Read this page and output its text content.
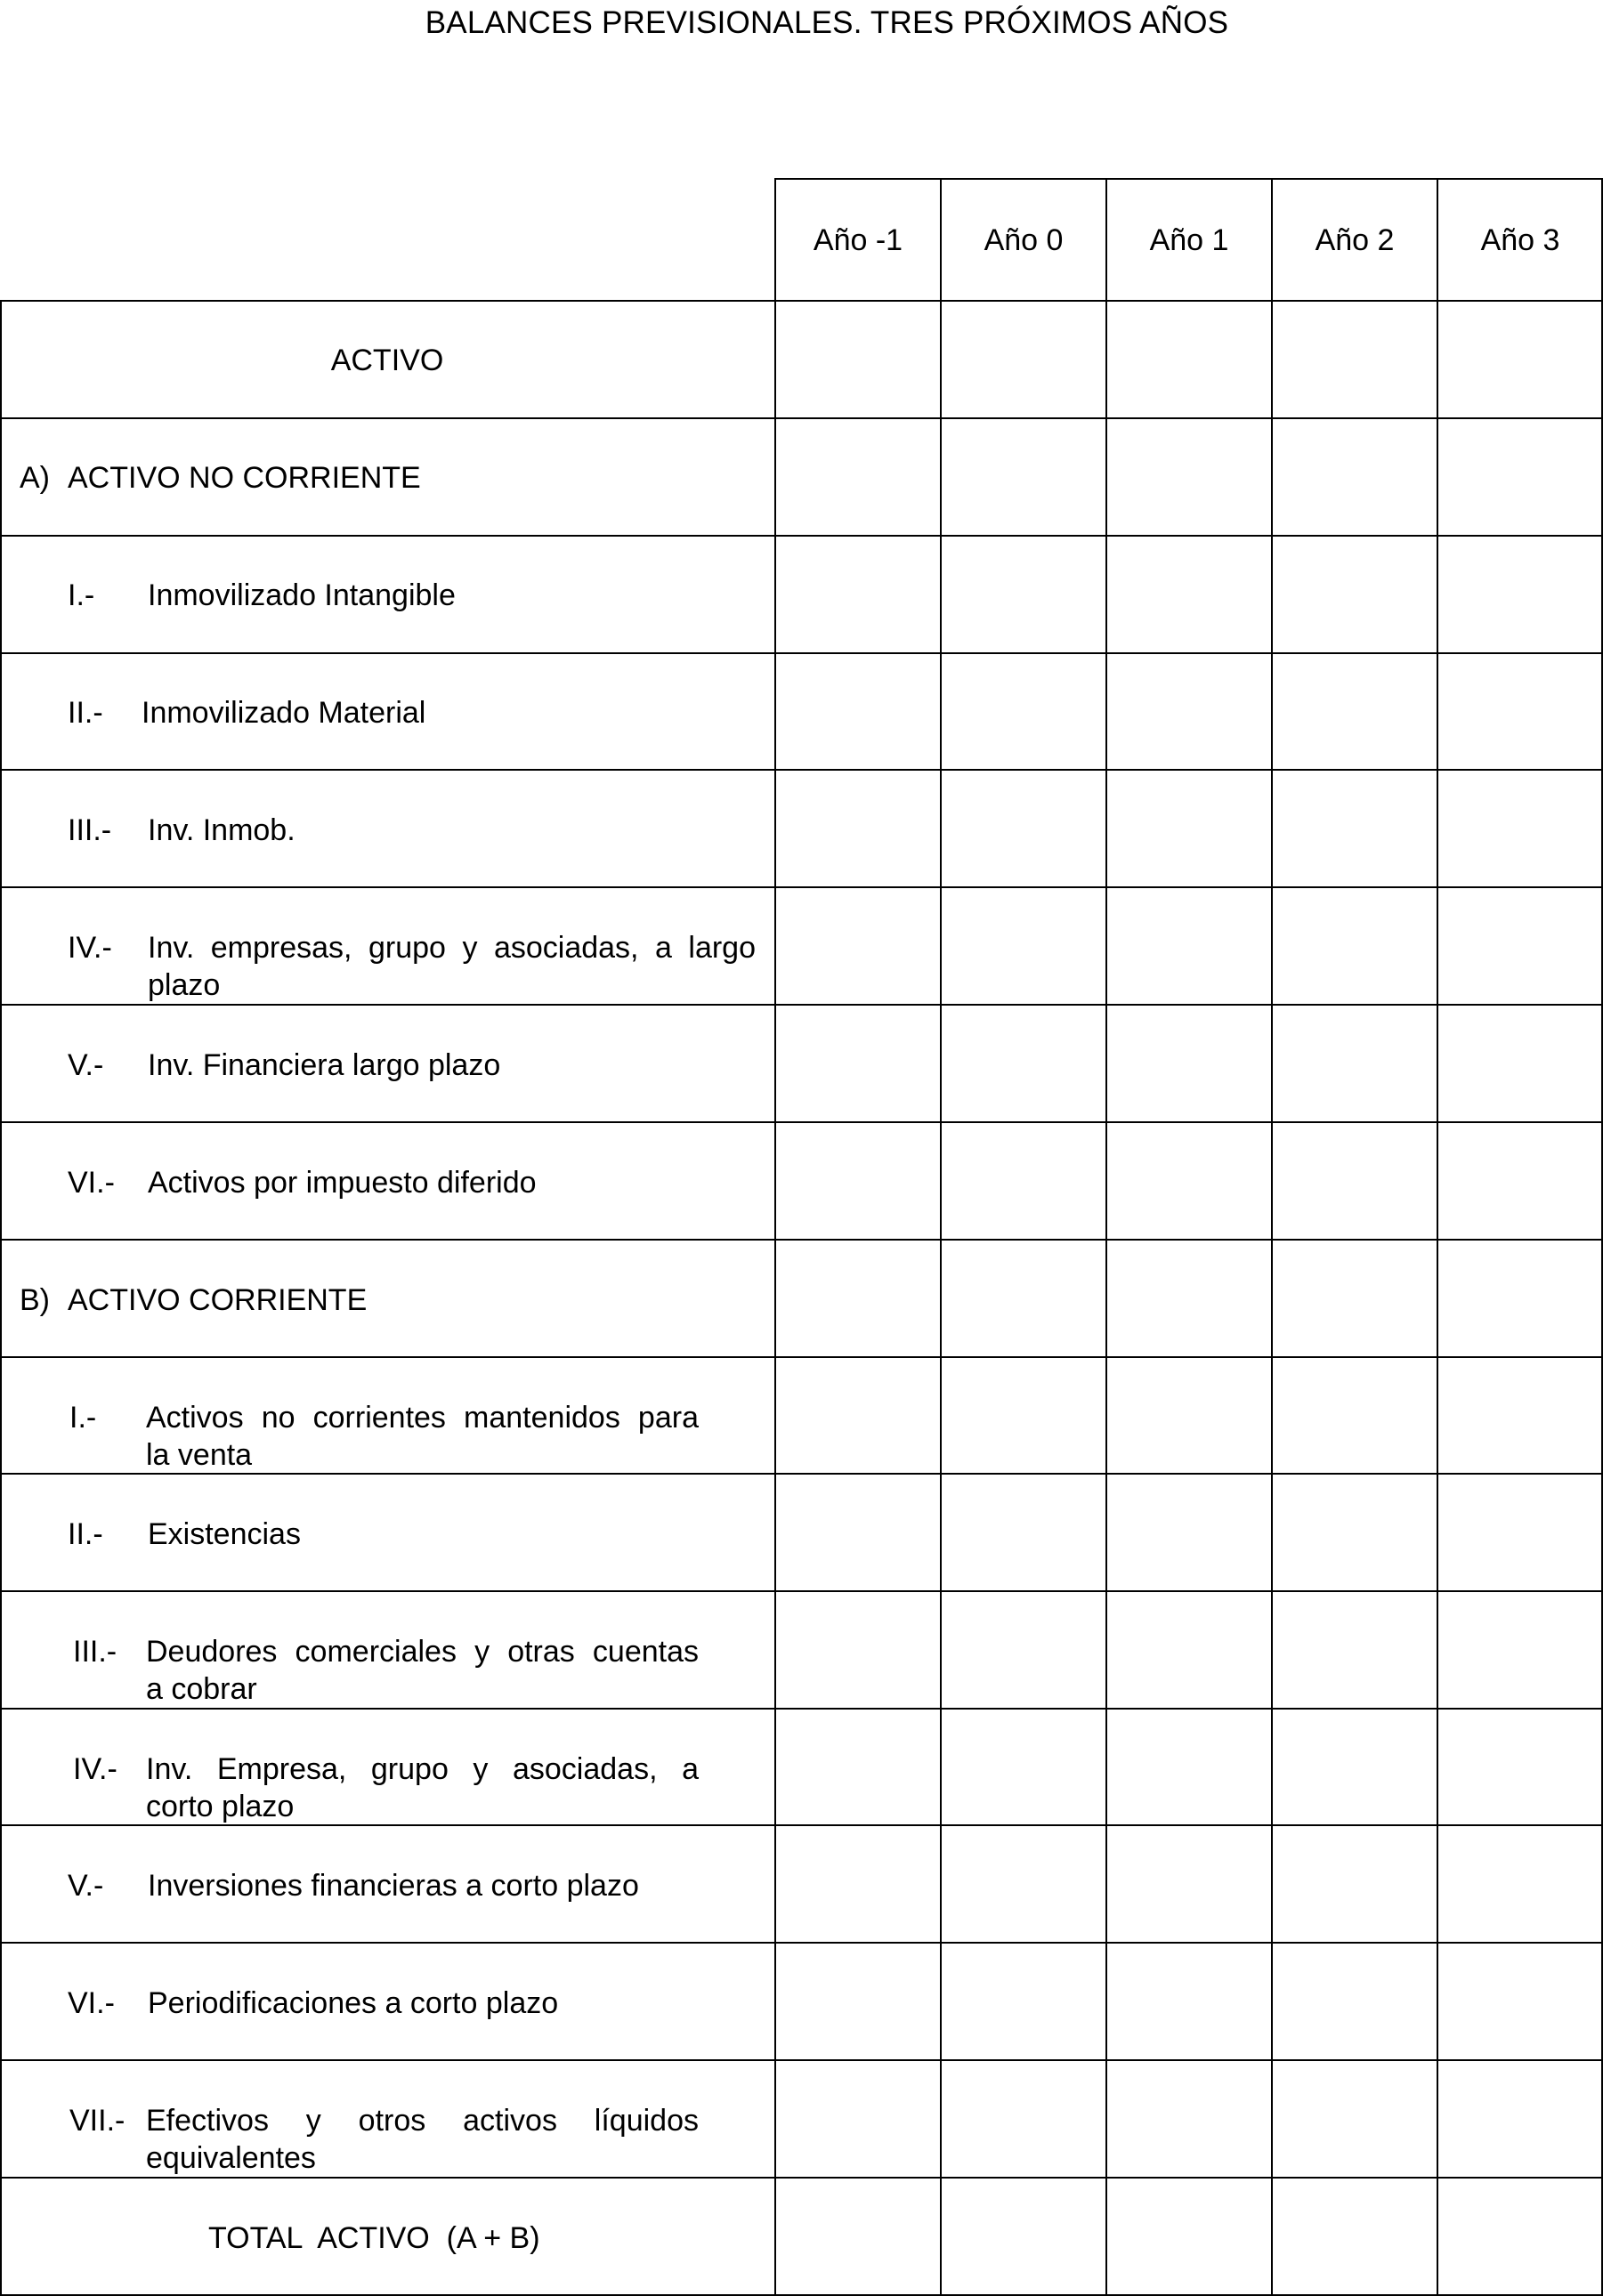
BALANCES PREVISIONALES. TRES PRÓXIMOS AÑOS
Año -1	Año 0	Año 1	Año 2	Año 3
ACTIVO
A) ACTIVO NO CORRIENTE
I.- Inmovilizado Intangible
II.- Inmovilizado Material
III.- Inv. Inmob.
IV.- Inv. empresas, grupo y asociadas, a largo
plazo
V.- Inv. Financiera largo plazo
VI.- Activos por impuesto diferido
B) ACTIVO CORRIENTE
I.- Activos no corrientes mantenidos para
la venta
II.- Existencias
III.- Deudores comerciales y otras cuentas
a cobrar
IV.- Inv. Empresa, grupo y asociadas, a
corto plazo
V.- Inversiones financieras a corto plazo
VI.- Periodificaciones a corto plazo
VII.- Efectivos y otros activos líquidos
equivalentes
TOTAL  ACTIVO  (A + B)
